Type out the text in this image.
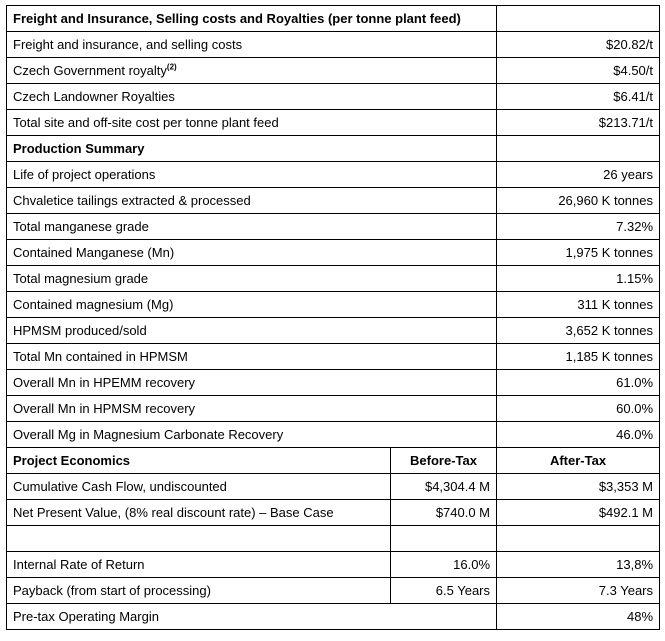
Freight and Insurance, Selling costs and Royalties (per tonne plant feed)		
Freight and insurance, and selling costs		$20.82/t
Czech Government royalty$^{(2)}$		$4.50/t
Czech Landowner Royalties		$6.41/t
Total site and off-site cost per tonne plant feed		$213.71/t
Production Summary		
Life of project operations		26 years
Chvaletice tailings extracted & processed		26,960 K tonnes
Total manganese grade		7.32%
Contained Manganese (Mn)		1,975 K tonnes
Total magnesium grade		1.15%
Contained magnesium (Mg)		311 K tonnes
HPMSM produced/sold		3,652 K tonnes
Total Mn contained in HPMSM		1,185 K tonnes
Overall Mn in HPEMM recovery		61.0%
Overall Mn in HPMSM recovery		60.0%
Overall Mg in Magnesium Carbonate Recovery		46.0%
Project Economics	Before-Tax	After-Tax
Cumulative Cash Flow, undiscounted	$4,304.4 M	$3,353 M
Net Present Value, (8% real discount rate) – Base Case	$740.0 M	$492.1 M

Internal Rate of Return	16.0%	13,8%
Payback (from start of processing)	6.5 Years	7.3 Years
Pre-tax Operating Margin		48%
